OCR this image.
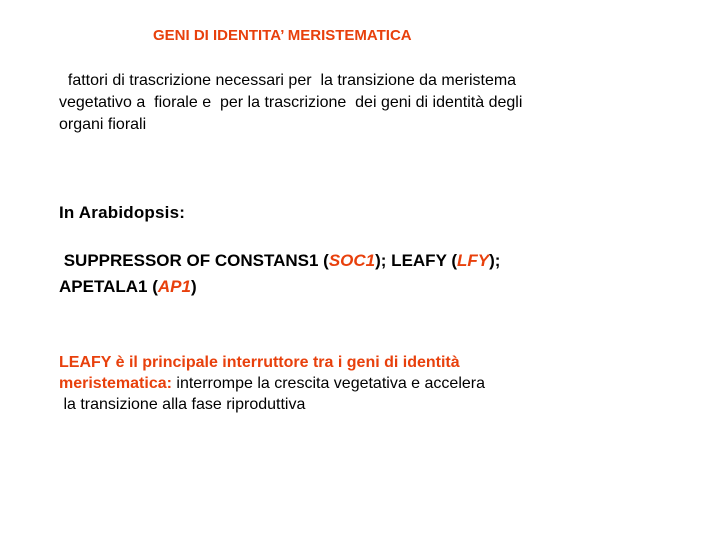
GENI DI IDENTITA’ MERISTEMATICA

fattori di trascrizione necessari per  la transizione da meristema

vegetativo a  fiorale e  per la trascrizione  dei geni di identità degli

organi fiorali

In Arabidopsis:

SUPPRESSOR OF CONSTANS1 (SOC1); LEAFY (LFY);

APETALA1 (AP1)

LEAFY è il principale interruttore tra i geni di identità

meristematica: interrompe la crescita vegetativa e accelera

la transizione alla fase riproduttiva
